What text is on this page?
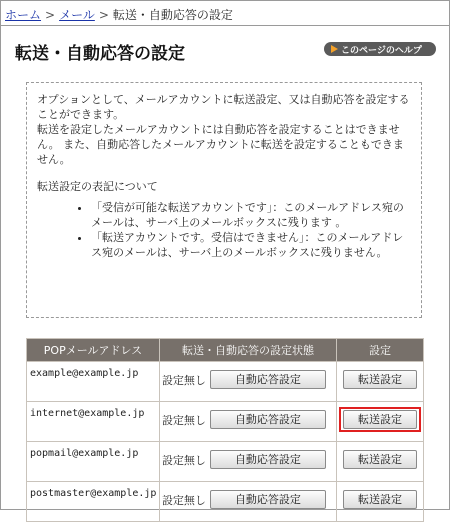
ホーム > メール > 転送・自動応答の設定
転送・自動応答の設定	このページのヘルプ

オプションとして、メールアカウントに転送設定、又は自動応答を設定することができます。

転送を設定したメールアカウントには自動応答を設定することはできません。 また、自動応答したメールアカウントに転送を設定することもできません。

転送設定の表記について

• 「受信が可能な転送アカウントです」：このメールアドレス宛のメールは、サーバ上のメールボックスに残ります 。
• 「転送アカウントです。受信はできません」：このメールアドレス宛のメールは、サーバ上のメールボックスに残りません。
POPメールアドレス	転送・自動応答の設定状態	設定
example@example.jp	設定無し 自動応答設定	転送設定
internet@example.jp	設定無し 自動応答設定	転送設定
popmail@example.jp	設定無し 自動応答設定	転送設定
postmaster@example.jp	設定無し 自動応答設定	転送設定
